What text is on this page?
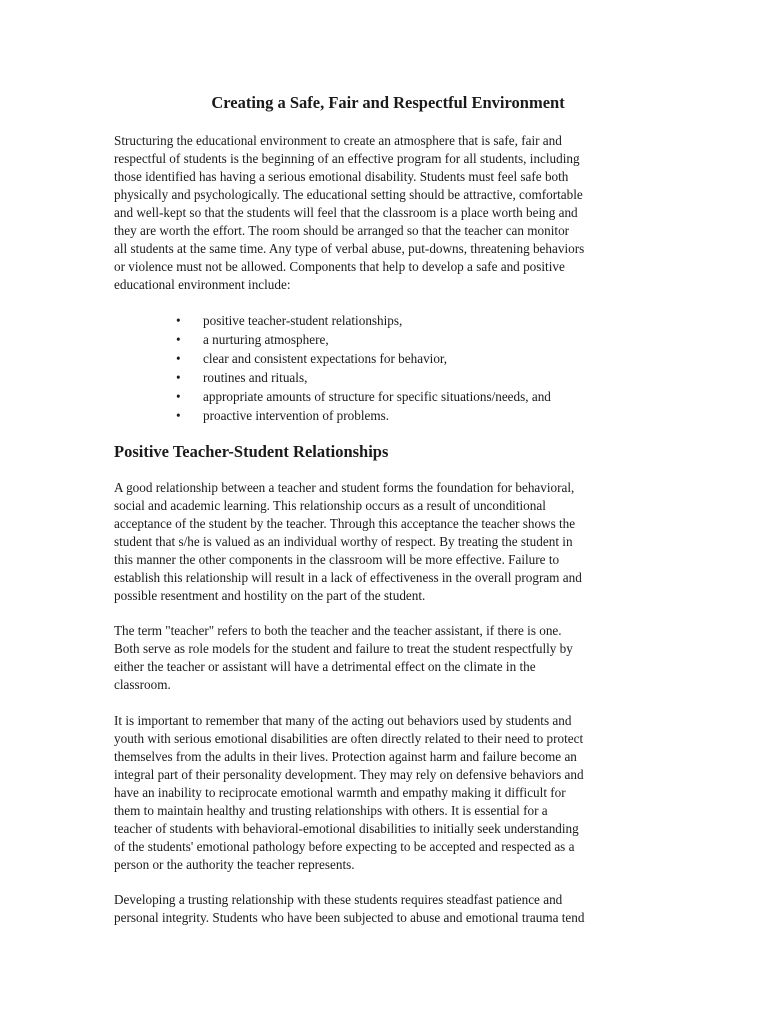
Creating a Safe, Fair and Respectful Environment

Structuring the educational environment to create an atmosphere that is safe, fair and
respectful of students is the beginning of an effective program for all students, including
those identified has having a serious emotional disability. Students must feel safe both
physically and psychologically. The educational setting should be attractive, comfortable
and well-kept so that the students will feel that the classroom is a place worth being and
they are worth the effort. The room should be arranged so that the teacher can monitor
all students at the same time. Any type of verbal abuse, put-downs, threatening behaviors
or violence must not be allowed. Components that help to develop a safe and positive
educational environment include:

• positive teacher-student relationships,
• a nurturing atmosphere,
• clear and consistent expectations for behavior,
• routines and rituals,
• appropriate amounts of structure for specific situations/needs, and
• proactive intervention of problems.
Positive Teacher-Student Relationships

A good relationship between a teacher and student forms the foundation for behavioral,
social and academic learning. This relationship occurs as a result of unconditional
acceptance of the student by the teacher. Through this acceptance the teacher shows the
student that s/he is valued as an individual worthy of respect. By treating the student in
this manner the other components in the classroom will be more effective. Failure to
establish this relationship will result in a lack of effectiveness in the overall program and
possible resentment and hostility on the part of the student.

The term "teacher" refers to both the teacher and the teacher assistant, if there is one.
Both serve as role models for the student and failure to treat the student respectfully by
either the teacher or assistant will have a detrimental effect on the climate in the
classroom.

It is important to remember that many of the acting out behaviors used by students and
youth with serious emotional disabilities are often directly related to their need to protect
themselves from the adults in their lives. Protection against harm and failure become an
integral part of their personality development. They may rely on defensive behaviors and
have an inability to reciprocate emotional warmth and empathy making it difficult for
them to maintain healthy and trusting relationships with others. It is essential for a
teacher of students with behavioral-emotional disabilities to initially seek understanding
of the students' emotional pathology before expecting to be accepted and respected as a
person or the authority the teacher represents.

Developing a trusting relationship with these students requires steadfast patience and
personal integrity. Students who have been subjected to abuse and emotional trauma tend
